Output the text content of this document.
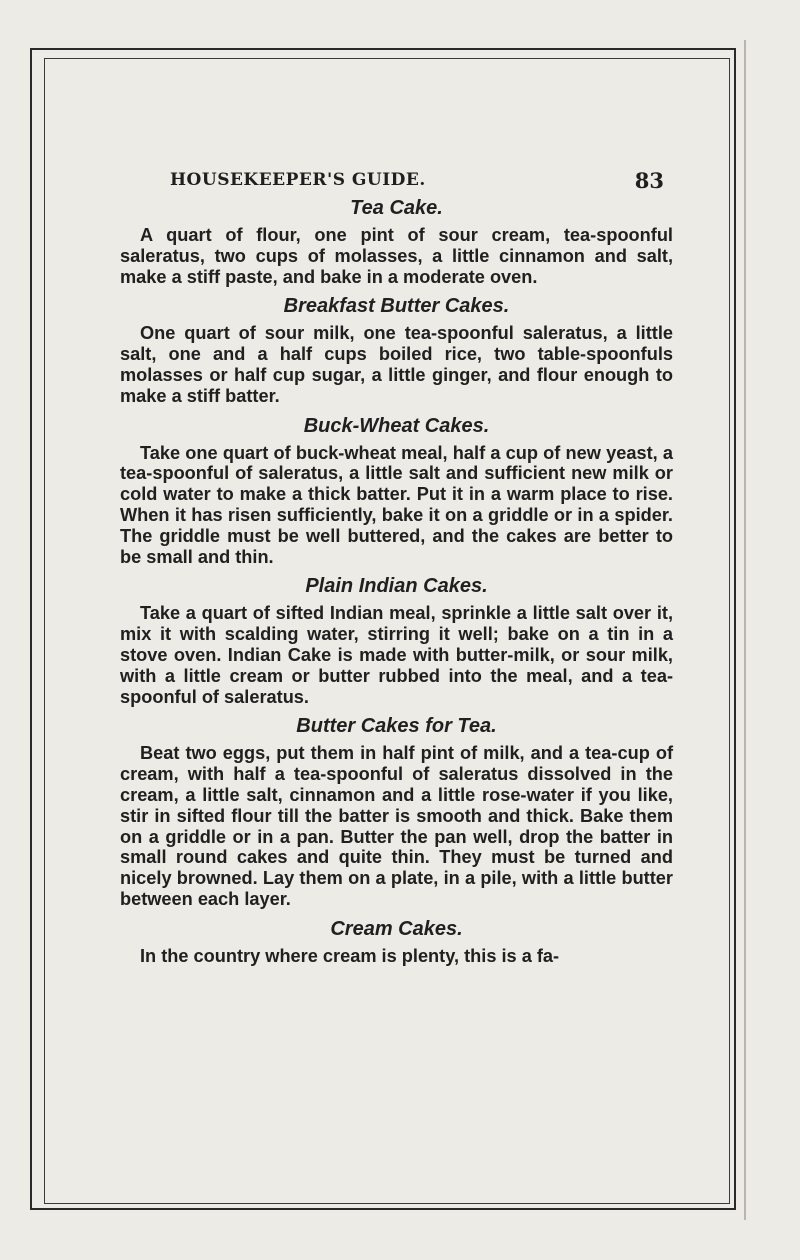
HOUSEKEEPER'S GUIDE.	83
Tea Cake.

A quart of flour, one pint of sour cream, tea-spoonful saleratus, two cups of molasses, a little cinnamon and salt, make a stiff paste, and bake in a moderate oven.

Breakfast Butter Cakes.

One quart of sour milk, one tea-spoonful saleratus, a little salt, one and a half cups boiled rice, two table-spoonfuls molasses or half cup sugar, a little ginger, and flour enough to make a stiff batter.

Buck-Wheat Cakes.

Take one quart of buck-wheat meal, half a cup of new yeast, a tea-spoonful of saleratus, a little salt and sufficient new milk or cold water to make a thick batter. Put it in a warm place to rise. When it has risen sufficiently, bake it on a griddle or in a spider. The griddle must be well buttered, and the cakes are better to be small and thin.

Plain Indian Cakes.

Take a quart of sifted Indian meal, sprinkle a little salt over it, mix it with scalding water, stirring it well; bake on a tin in a stove oven. Indian Cake is made with butter-milk, or sour milk, with a little cream or butter rubbed into the meal, and a tea-spoonful of saleratus.

Butter Cakes for Tea.

Beat two eggs, put them in half pint of milk, and a tea-cup of cream, with half a tea-spoonful of saleratus dissolved in the cream, a little salt, cinnamon and a little rose-water if you like, stir in sifted flour till the batter is smooth and thick. Bake them on a griddle or in a pan. Butter the pan well, drop the batter in small round cakes and quite thin. They must be turned and nicely browned. Lay them on a plate, in a pile, with a little butter between each layer.

Cream Cakes.

In the country where cream is plenty, this is a fa-
